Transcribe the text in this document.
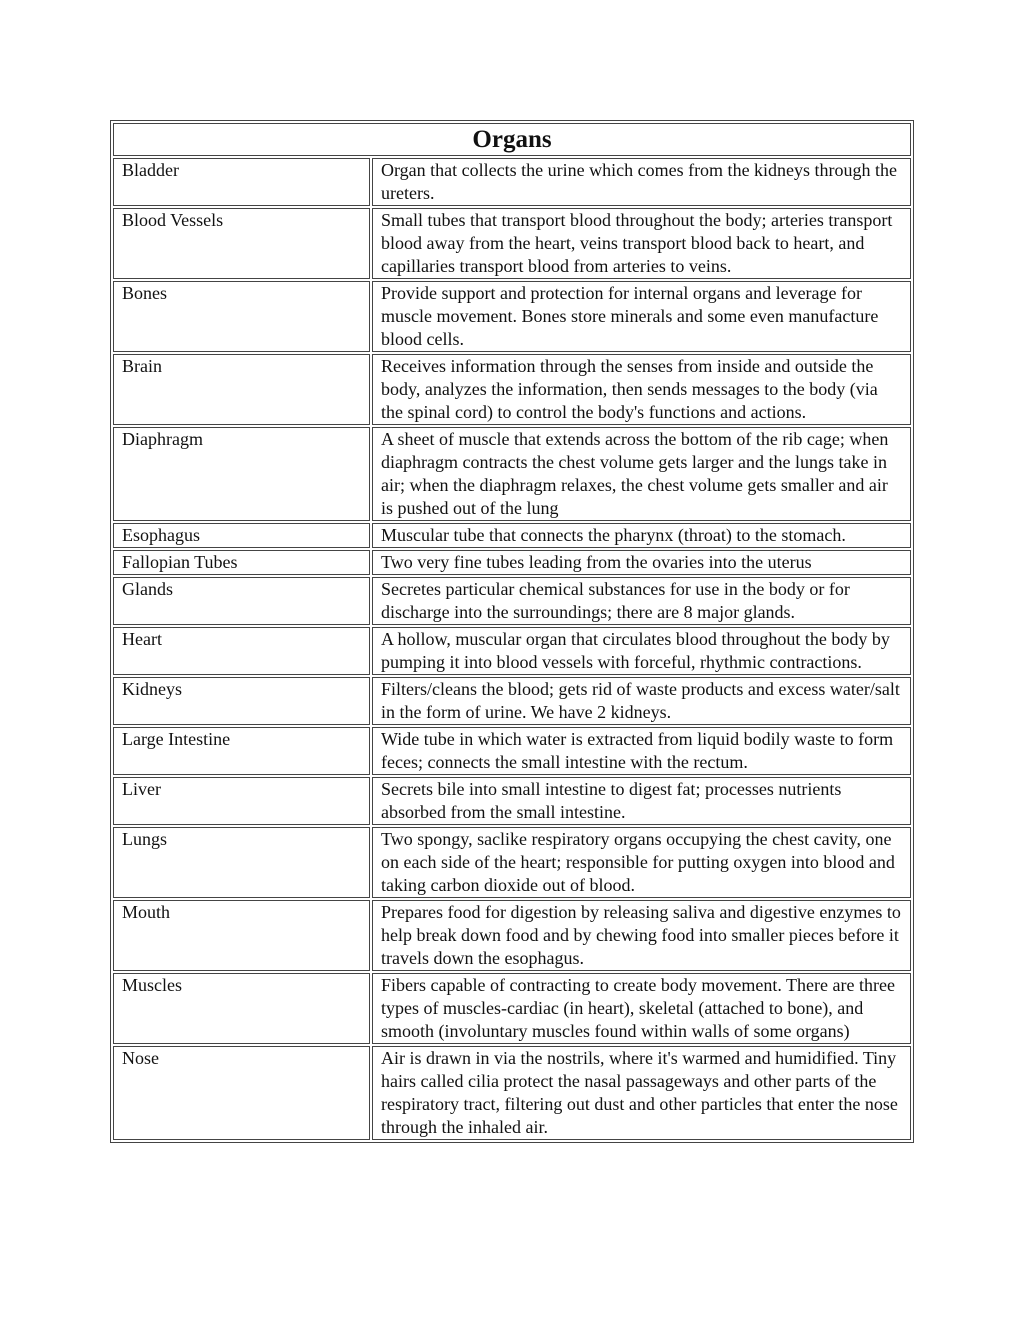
Organs	
Bladder	Organ that collects the urine which comes from the kidneys through the ureters.
Blood Vessels	Small tubes that transport blood throughout the body; arteries transport blood away from the heart, veins transport blood back to heart, and capillaries transport blood from arteries to veins.
Bones	Provide support and protection for internal organs and leverage for muscle movement. Bones store minerals and some even manufacture blood cells.
Brain	Receives information through the senses from inside and outside the body, analyzes the information, then sends messages to the body (via the spinal cord) to control the body's functions and actions.
Diaphragm	A sheet of muscle that extends across the bottom of the rib cage; when diaphragm contracts the chest volume gets larger and the lungs take in air; when the diaphragm relaxes, the chest volume gets smaller and air is pushed out of the lung
Esophagus	Muscular tube that connects the pharynx (throat) to the stomach.
Fallopian Tubes	Two very fine tubes leading from the ovaries into the uterus
Glands	Secretes particular chemical substances for use in the body or for discharge into the surroundings; there are 8 major glands.
Heart	A hollow, muscular organ that circulates blood throughout the body by pumping it into blood vessels with forceful, rhythmic contractions.
Kidneys	Filters/cleans the blood; gets rid of waste products and excess water/salt in the form of urine. We have 2 kidneys.
Large Intestine	Wide tube in which water is extracted from liquid bodily waste to form feces; connects the small intestine with the rectum.
Liver	Secrets bile into small intestine to digest fat; processes nutrients absorbed from the small intestine.
Lungs	Two spongy, saclike respiratory organs occupying the chest cavity, one on each side of the heart; responsible for putting oxygen into blood and taking carbon dioxide out of blood.
Mouth	Prepares food for digestion by releasing saliva and digestive enzymes to help break down food and by chewing food into smaller pieces before it travels down the esophagus.
Muscles	Fibers capable of contracting to create body movement. There are three types of muscles-cardiac (in heart), skeletal (attached to bone), and smooth (involuntary muscles found within walls of some organs)
Nose	Air is drawn in via the nostrils, where it's warmed and humidified. Tiny hairs called cilia protect the nasal passageways and other parts of the respiratory tract, filtering out dust and other particles that enter the nose through the inhaled air.
